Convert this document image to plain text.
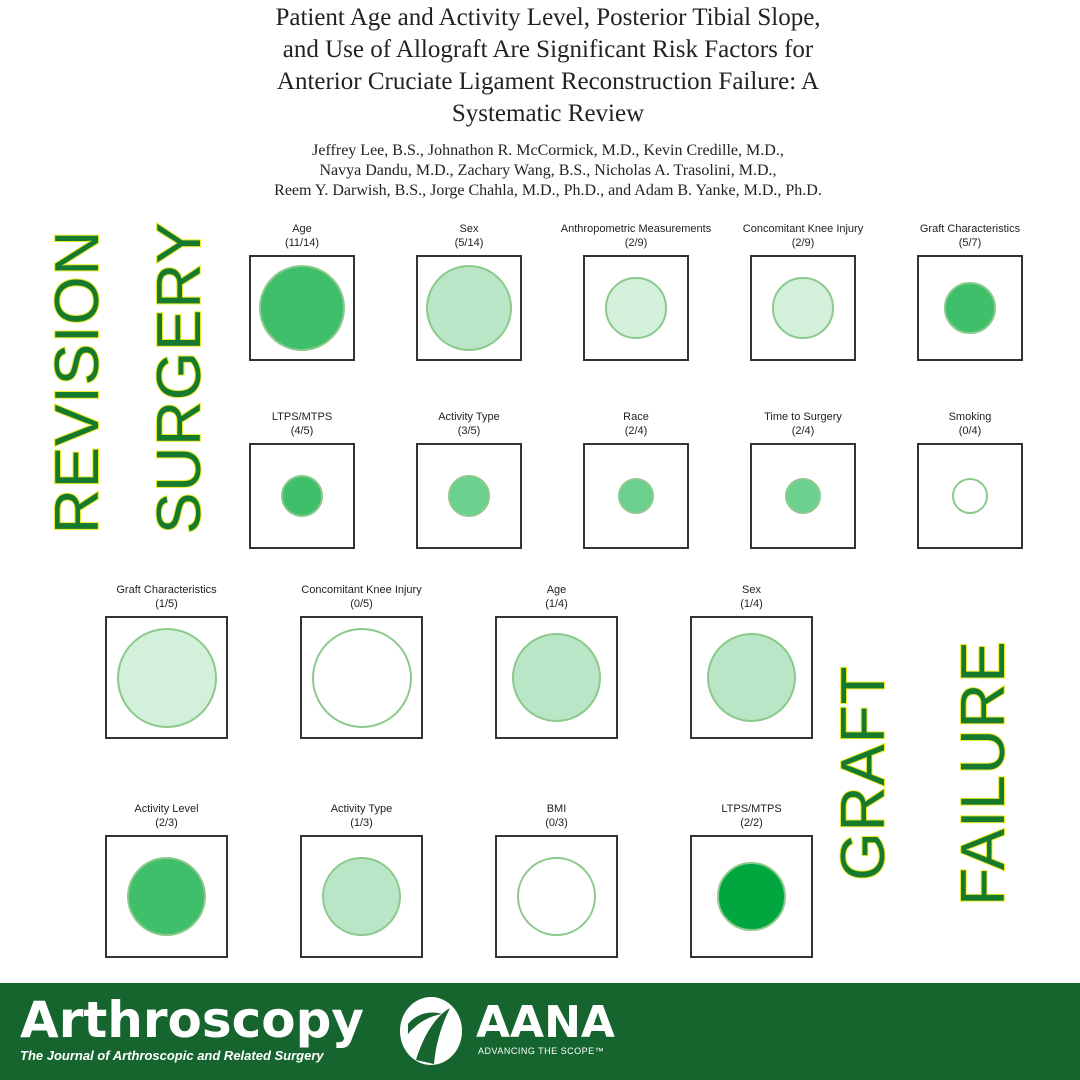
Patient Age and Activity Level, Posterior Tibial Slope,
and Use of Allograft Are Significant Risk Factors for
Anterior Cruciate Ligament Reconstruction Failure: A
Systematic Review
Jeffrey Lee, B.S., Johnathon R. McCormick, M.D., Kevin Credille, M.D.,
Navya Dandu, M.D., Zachary Wang, B.S., Nicholas A. Trasolini, M.D.,
Reem Y. Darwish, B.S., Jorge Chahla, M.D., Ph.D., and Adam B. Yanke, M.D., Ph.D.
REVISION SURGERY
GRAFT FAILURE
Age
(11/14)
Sex
(5/14)
Anthropometric Measurements
(2/9)
Concomitant Knee Injury
(2/9)
Graft Characteristics
(5/7)
LTPS/MTPS
(4/5)
Activity Type
(3/5)
Race
(2/4)
Time to Surgery
(2/4)
Smoking
(0/4)
Graft Characteristics
(1/5)
Concomitant Knee Injury
(0/5)
Age
(1/4)
Sex
(1/4)
Activity Level
(2/3)
Activity Type
(1/3)
BMI
(0/3)
LTPS/MTPS
(2/2)
Arthroscopy
The Journal of Arthroscopic and Related Surgery
AANA
ADVANCING THE SCOPE™
